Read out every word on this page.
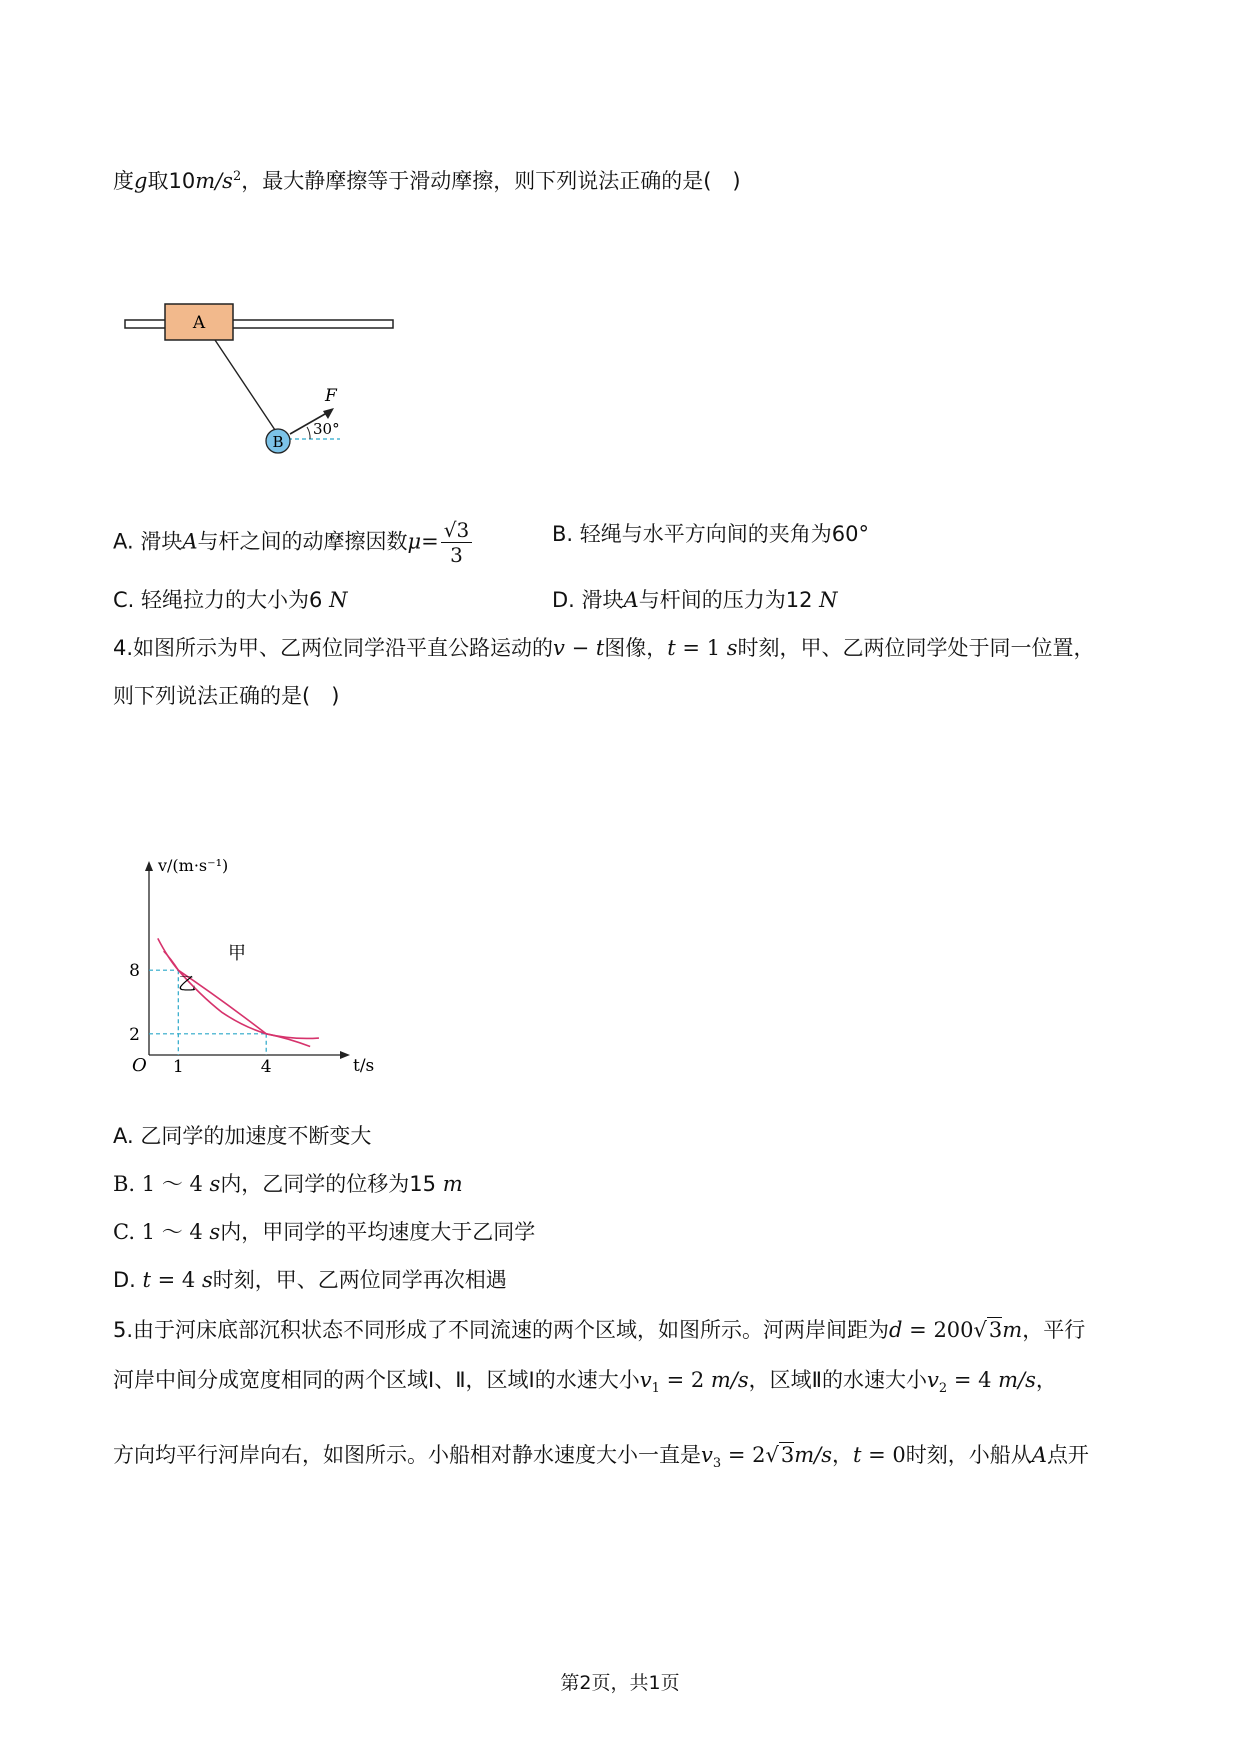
度g取$10m/s^2$，最大静摩擦等于滑动摩擦，则下列说法正确的是(　)
A
B
F
30°
A. 滑块A与杆之间的动摩擦因数$\mu= \frac{√3}{3}$	B. 轻绳与水平方向间的夹角为60°
C. 轻绳拉力的大小为6 N	D. 滑块A与杆间的压力为12 N
4.如图所示为甲、乙两位同学沿平直公路运动的v − t图像，t = 1 s时刻，甲、乙两位同学处于同一位置，
则下列说法正确的是(　)
v/(m·s⁻¹)
t/s
O 1	4
8
2
甲
乙
A. 乙同学的加速度不断变大
B. 1 ～ 4 s内，乙同学的位移为15 m
C. 1 ～ 4 s内，甲同学的平均速度大于乙同学
D. t = 4 s时刻，甲、乙两位同学再次相遇
5.由于河床底部沉积状态不同形成了不同流速的两个区域，如图所示。河两岸间距为d = 200√3m，平行
河岸中间分成宽度相同的两个区域Ⅰ、Ⅱ，区域Ⅰ的水速大小$v_1 = 2$ m/s，区域Ⅱ的水速大小$v_2 = 4$ m/s，
方向均平行河岸向右，如图所示。小船相对静水速度大小一直是$v_3 = 2√3m/s$，t = 0时刻，小船从A点开
第2页，共1页
